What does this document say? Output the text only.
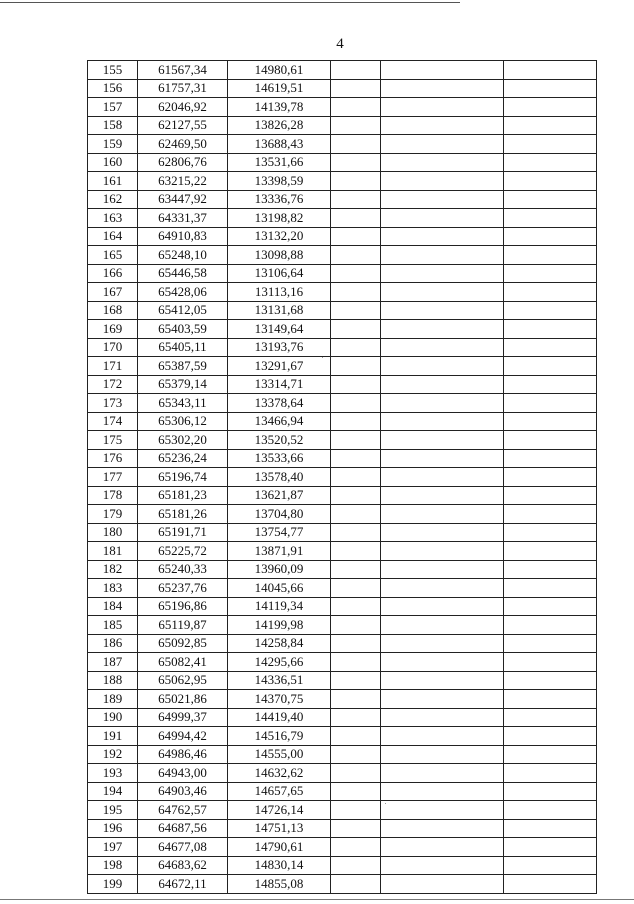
4
155	61567,34	14980,61			
156	61757,31	14619,51			
157	62046,92	14139,78			
158	62127,55	13826,28			
159	62469,50	13688,43			
160	62806,76	13531,66			
161	63215,22	13398,59			
162	63447,92	13336,76			
163	64331,37	13198,82			
164	64910,83	13132,20			
165	65248,10	13098,88			
166	65446,58	13106,64			
167	65428,06	13113,16			
168	65412,05	13131,68			
169	65403,59	13149,64			
170	65405,11	13193,76			
171	65387,59	13291,67			
172	65379,14	13314,71			
173	65343,11	13378,64			
174	65306,12	13466,94			
175	65302,20	13520,52			
176	65236,24	13533,66			
177	65196,74	13578,40			
178	65181,23	13621,87			
179	65181,26	13704,80			
180	65191,71	13754,77			
181	65225,72	13871,91			
182	65240,33	13960,09			
183	65237,76	14045,66			
184	65196,86	14119,34			
185	65119,87	14199,98			
186	65092,85	14258,84			
187	65082,41	14295,66			
188	65062,95	14336,51			
189	65021,86	14370,75			
190	64999,37	14419,40			
191	64994,42	14516,79			
192	64986,46	14555,00			
193	64943,00	14632,62			
194	64903,46	14657,65			
195	64762,57	14726,14			
196	64687,56	14751,13			
197	64677,08	14790,61			
198	64683,62	14830,14			
199	64672,11	14855,08			
